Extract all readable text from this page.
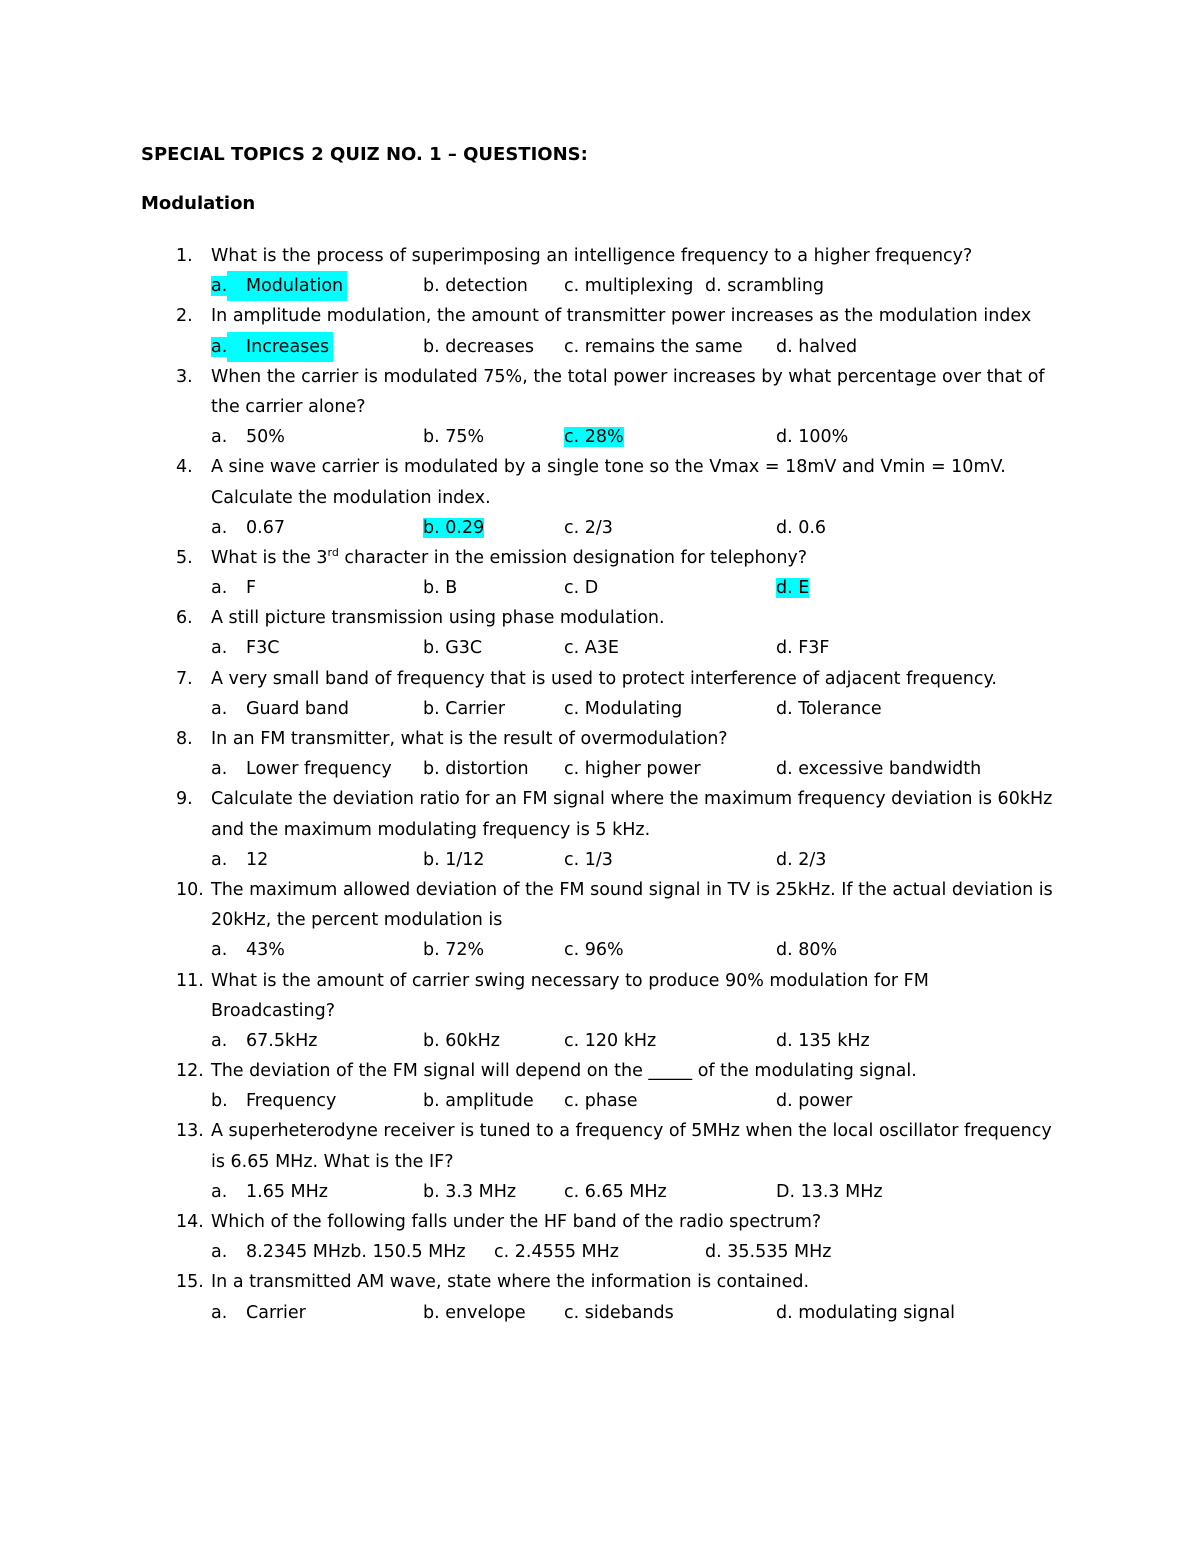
SPECIAL TOPICS 2 QUIZ NO. 1 – QUESTIONS:
Modulation
1. What is the process of superimposing an intelligence frequency to a higher frequency?
a.	Modulation	b. detection c. multiplexing d. scrambling
2. In amplitude modulation, the amount of transmitter power increases as the modulation index
a.	Increases	b. decreases c. remains the same d. halved
3. When the carrier is modulated 75%, the total power increases by what percentage over that of
the carrier alone?
a. 50%	b. 75%	c. 28%	d. 100%
4. A sine wave carrier is modulated by a single tone so the Vmax = 18mV and Vmin = 10mV.
Calculate the modulation index.
a. 0.67	b. 0.29	c. 2/3	d. 0.6
5. What is the 3rd character in the emission designation for telephony?
a. F	b. B	c. D	d. E
6. A still picture transmission using phase modulation.
a. F3C	b. G3C	c. A3E	d. F3F
7. A very small band of frequency that is used to protect interference of adjacent frequency.
a. Guard band	b. Carrier	c. Modulating	d. Tolerance
8. In an FM transmitter, what is the result of overmodulation?
a. Lower frequency b. distortion c. higher power	d. excessive bandwidth
9. Calculate the deviation ratio for an FM signal where the maximum frequency deviation is 60kHz
and the maximum modulating frequency is 5 kHz.
a. 12	b. 1/12	c. 1/3	d. 2/3
10. The maximum allowed deviation of the FM sound signal in TV is 25kHz. If the actual deviation is
20kHz, the percent modulation is
a. 43%	b. 72%	c. 96%	d. 80%
11. What is the amount of carrier swing necessary to produce 90% modulation for FM
Broadcasting?
a. 67.5kHz	b. 60kHz	c. 120 kHz	d. 135 kHz
12. The deviation of the FM signal will depend on the _____ of the modulating signal.
b. Frequency	b. amplitude c. phase	d. power
13. A superheterodyne receiver is tuned to a frequency of 5MHz when the local oscillator frequency
is 6.65 MHz. What is the IF?
a. 1.65 MHz	b. 3.3 MHz	c. 6.65 MHz	D. 13.3 MHz
14. Which of the following falls under the HF band of the radio spectrum?
a. 8.2345 MHzb. 150.5 MHz c. 2.4555 MHz	d. 35.535 MHz
15. In a transmitted AM wave, state where the information is contained.
a. Carrier	b. envelope c. sidebands	d. modulating signal
